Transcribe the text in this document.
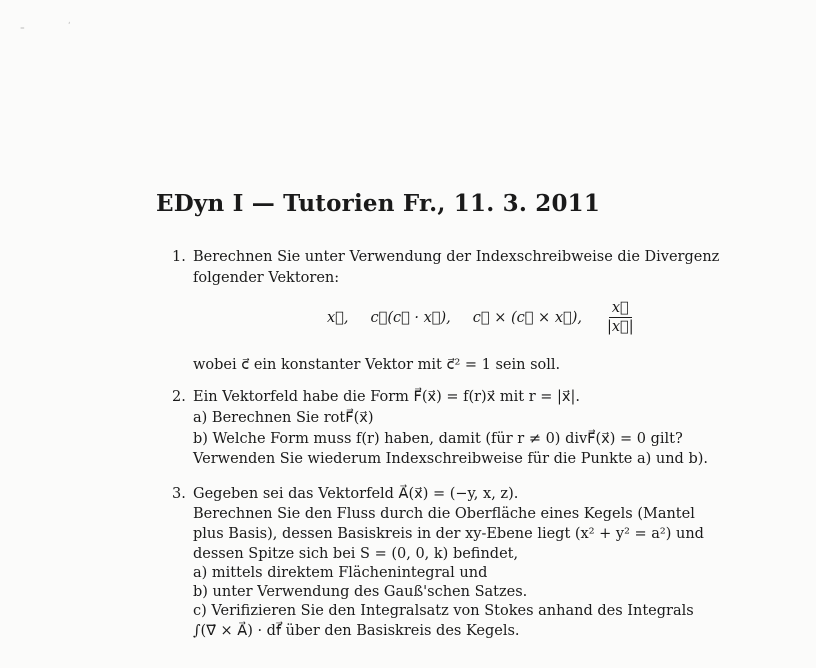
⁼	ʹ
EDyn I — Tutorien Fr., 11. 3. 2011
1. Berechnen Sie unter Verwendung der Indexschreibweise die Divergenz
folgender Vektoren:
x⃗, c⃗(c⃗ · x⃗), c⃗ × (c⃗ × x⃗), $\frac{x⃗}{|x⃗|}$
wobei c⃗ ein konstanter Vektor mit c⃗² = 1 sein soll.
2. Ein Vektorfeld habe die Form F⃗(x⃗) = f(r)x⃗ mit r = |x⃗|.
a) Berechnen Sie rotF⃗(x⃗)
b) Welche Form muss f(r) haben, damit (für r ≠ 0) divF⃗(x⃗) = 0 gilt?
Verwenden Sie wiederum Indexschreibweise für die Punkte a) und b).
3. Gegeben sei das Vektorfeld A⃗(x⃗) = (−y, x, z).
Berechnen Sie den Fluss durch die Oberfläche eines Kegels (Mantel
plus Basis), dessen Basiskreis in der xy-Ebene liegt (x² + y² = a²) und
dessen Spitze sich bei S = (0, 0, k) befindet,
a) mittels direktem Flächenintegral und
b) unter Verwendung des Gauß'schen Satzes.
c) Verifizieren Sie den Integralsatz von Stokes anhand des Integrals
∫(∇⃗ × A⃗) · df⃗ über den Basiskreis des Kegels.
